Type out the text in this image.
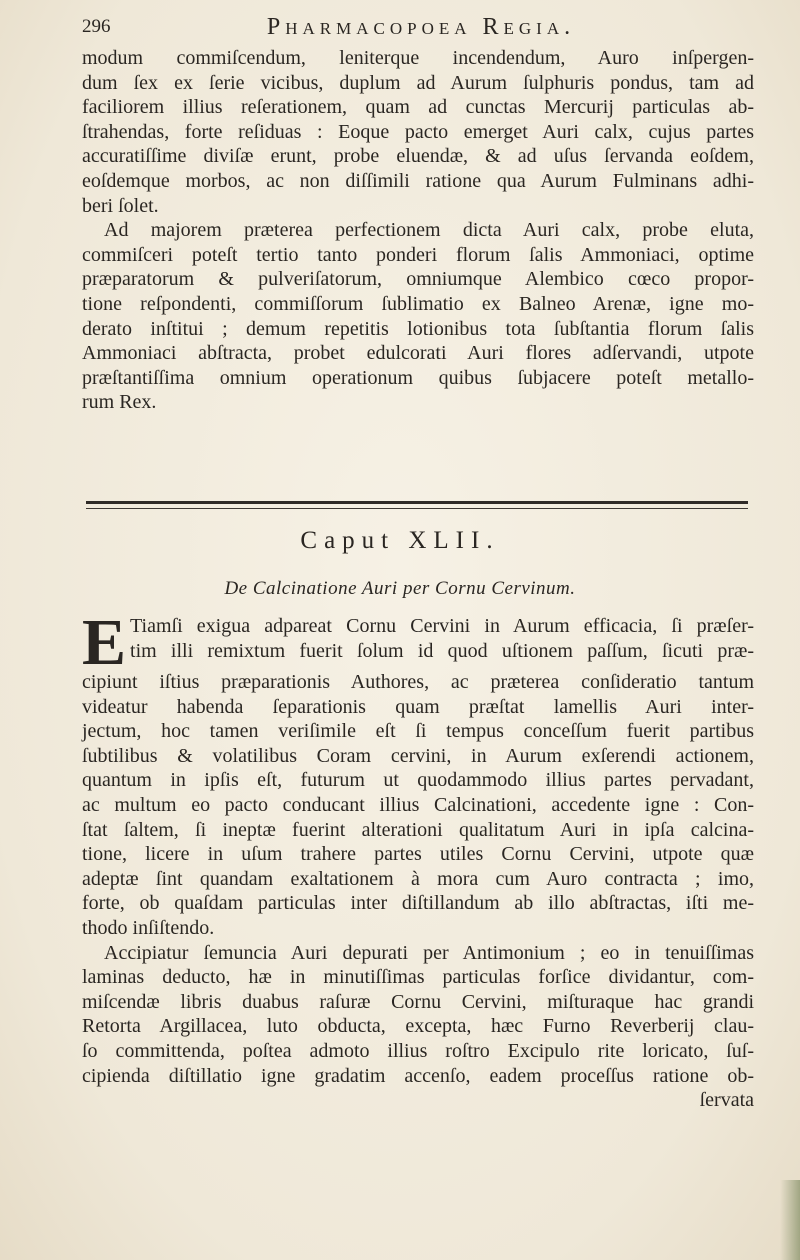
296	Pharmacopoea Regia.
modum commiſcendum, leniterque incendendum, Auro inſpergen-
dum ſex ex ſerie vicibus, duplum ad Aurum ſulphuris pondus, tam ad
faciliorem illius reſerationem, quam ad cunctas Mercurij particulas ab-
ſtrahendas, forte reſiduas : Eoque pacto emerget Auri calx, cujus partes
accuratiſſime diviſæ erunt, probe eluendæ, & ad uſus ſervanda eoſdem,
eoſdemque morbos, ac non diſſimili ratione qua Aurum Fulminans adhi-
beri ſolet.
Ad majorem præterea perfectionem dicta Auri calx, probe eluta,
commiſceri poteſt tertio tanto ponderi florum ſalis Ammoniaci, optime
præparatorum & pulveriſatorum, omniumque Alembico cœco propor-
tione reſpondenti, commiſſorum ſublimatio ex Balneo Arenæ, igne mo-
derato inſtitui ; demum repetitis lotionibus tota ſubſtantia florum ſalis
Ammoniaci abſtracta, probet edulcorati Auri flores adſervandi, utpote
præſtantiſſima omnium operationum quibus ſubjacere poteſt metallo-
rum Rex.
Caput XLII.
De Calcinatione Auri per Cornu Cervinum.
E Tiamſi exigua adpareat Cornu Cervini in Aurum efficacia, ſi præſer-
tim illi remixtum fuerit ſolum id quod uſtionem paſſum, ſicuti præ-
cipiunt iſtius præparationis Authores, ac præterea conſideratio tantum
videatur habenda ſeparationis quam præſtat lamellis Auri inter-
jectum, hoc tamen veriſimile eſt ſi tempus conceſſum fuerit partibus
ſubtilibus & volatilibus Coram cervini, in Aurum exſerendi actionem,
quantum in ipſis eſt, futurum ut quodammodo illius partes pervadant,
ac multum eo pacto conducant illius Calcinationi, accedente igne : Con-
ſtat ſaltem, ſi ineptæ fuerint alterationi qualitatum Auri in ipſa calcina-
tione, licere in uſum trahere partes utiles Cornu Cervini, utpote quæ
adeptæ ſint quandam exaltationem à mora cum Auro contracta ; imo,
forte, ob quaſdam particulas inter diſtillandum ab illo abſtractas, iſti me-
thodo inſiſtendo.
Accipiatur ſemuncia Auri depurati per Antimonium ; eo in tenuiſſimas
laminas deducto, hæ in minutiſſimas particulas forſice dividantur, com-
miſcendæ libris duabus raſuræ Cornu Cervini, miſturaque hac grandi
Retorta Argillacea, luto obducta, excepta, hæc Furno Reverberij clau-
ſo committenda, poſtea admoto illius roſtro Excipulo rite loricato, ſuſ-
cipienda diſtillatio igne gradatim accenſo, eadem proceſſus ratione ob-
ſervata
